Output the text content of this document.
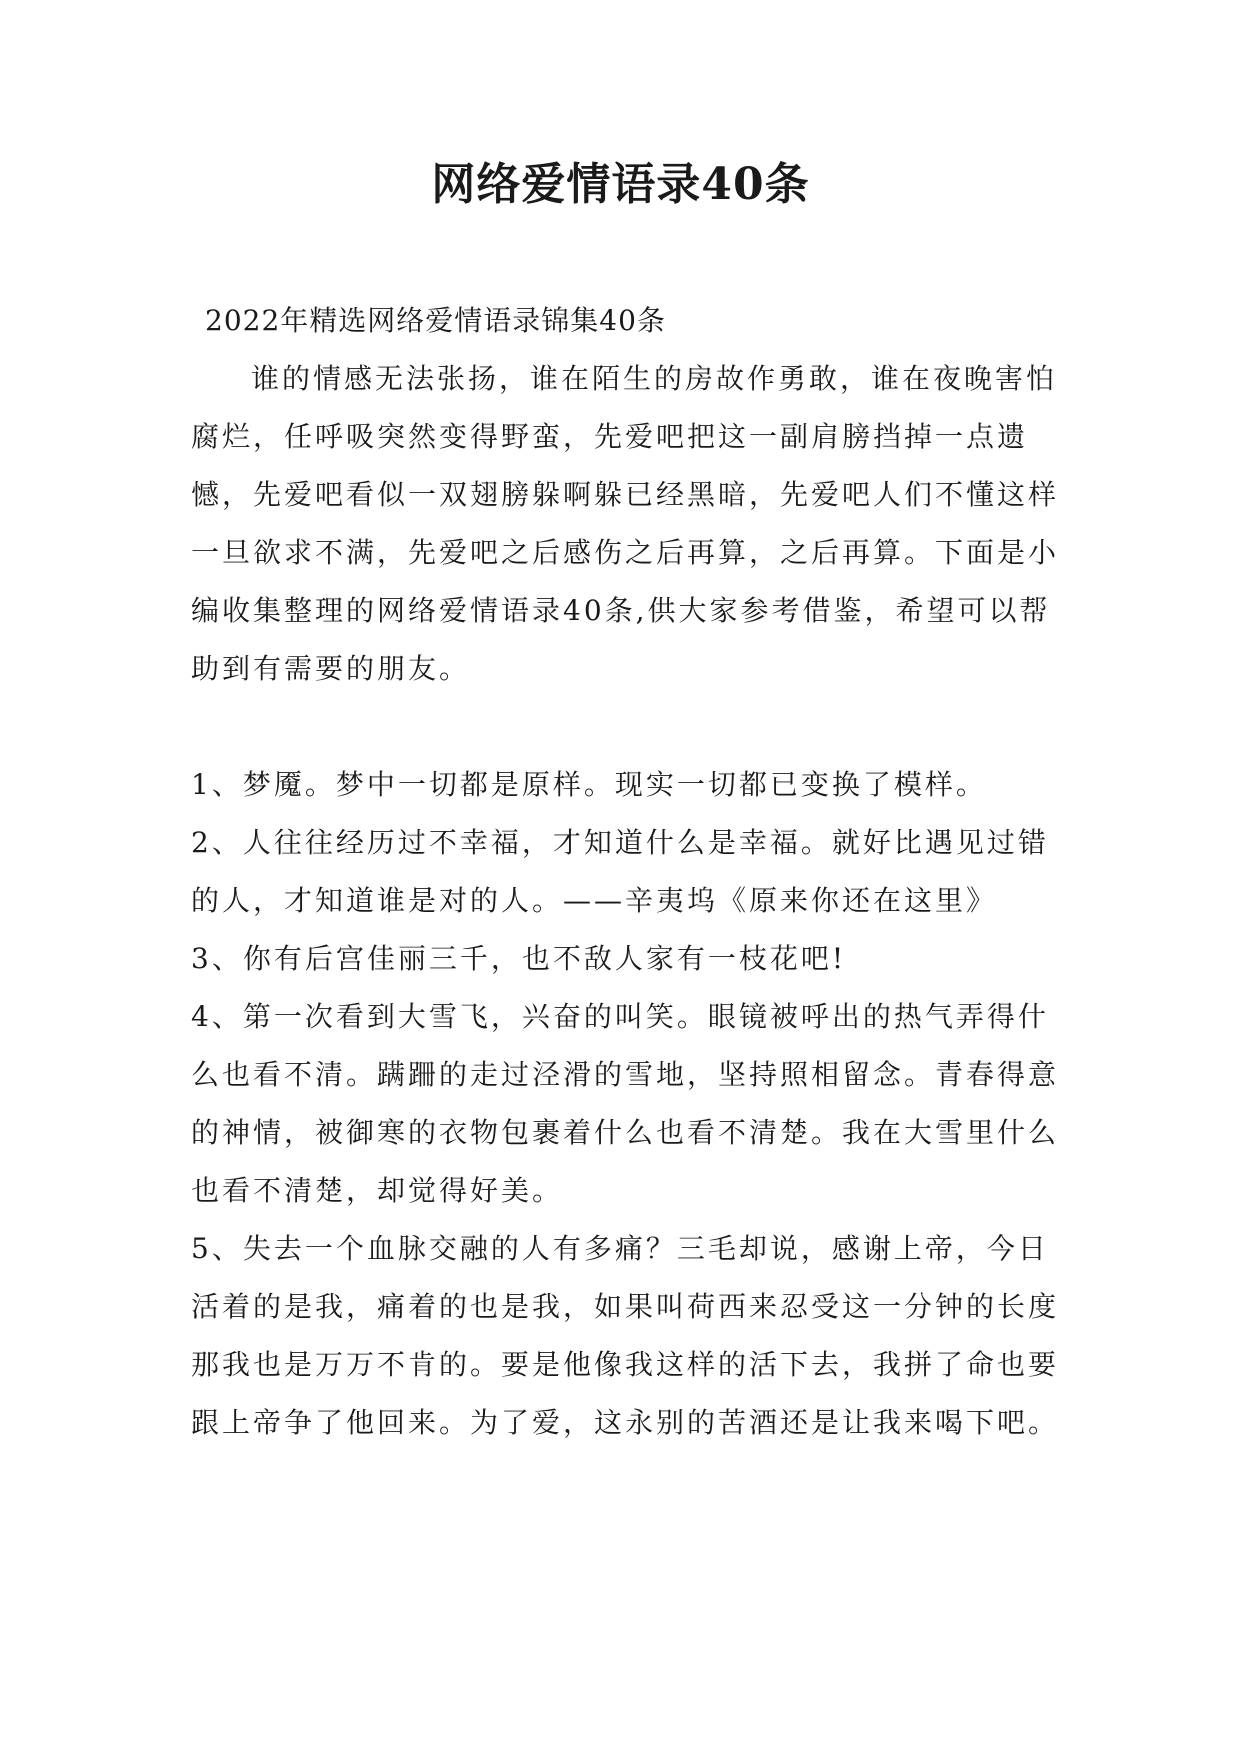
网络爱情语录40条

2022年精选网络爱情语录锦集40条

谁的情感无法张扬，谁在陌生的房故作勇敢，谁在夜晚害怕腐烂，任呼吸突然变得野蛮，先爱吧把这一副肩膀挡掉一点遗憾，先爱吧看似一双翅膀躲啊躲已经黑暗，先爱吧人们不懂这样一旦欲求不满，先爱吧之后感伤之后再算，之后再算。下面是小编收集整理的网络爱情语录40条,供大家参考借鉴，希望可以帮助到有需要的朋友。

1、梦魇。梦中一切都是原样。现实一切都已变换了模样。

2、人往往经历过不幸福，才知道什么是幸福。就好比遇见过错的人，才知道谁是对的人。——辛夷坞《原来你还在这里》

3、你有后宫佳丽三千，也不敌人家有一枝花吧!

4、第一次看到大雪飞，兴奋的叫笑。眼镜被呼出的热气弄得什么也看不清。蹒跚的走过泾滑的雪地，坚持照相留念。青春得意的神情，被御寒的衣物包裹着什么也看不清楚。我在大雪里什么也看不清楚，却觉得好美。

5、失去一个血脉交融的人有多痛？三毛却说，感谢上帝，今日活着的是我，痛着的也是我，如果叫荷西来忍受这一分钟的长度那我也是万万不肯的。要是他像我这样的活下去，我拼了命也要跟上帝争了他回来。为了爱，这永别的苦酒还是让我来喝下吧。
